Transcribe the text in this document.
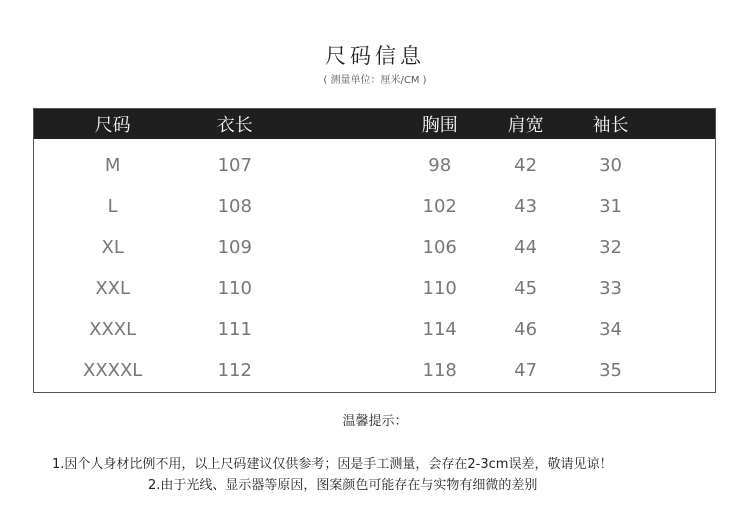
尺码信息
( 测量单位：厘米/CM )
尺码	衣长	胸围	肩宽	袖长
M	107	98	42	30
L	108	102	43	31
XL	109	106	44	32
XXL	110	110	45	33
XXXL	111	114	46	34
XXXXL	112	118	47	35
温馨提示：
1.因个人身材比例不用，以上尺码建议仅供参考；因是手工测量，会存在2-3cm误差，敬请见谅！
2.由于光线、显示器等原因，图案颜色可能存在与实物有细微的差别
